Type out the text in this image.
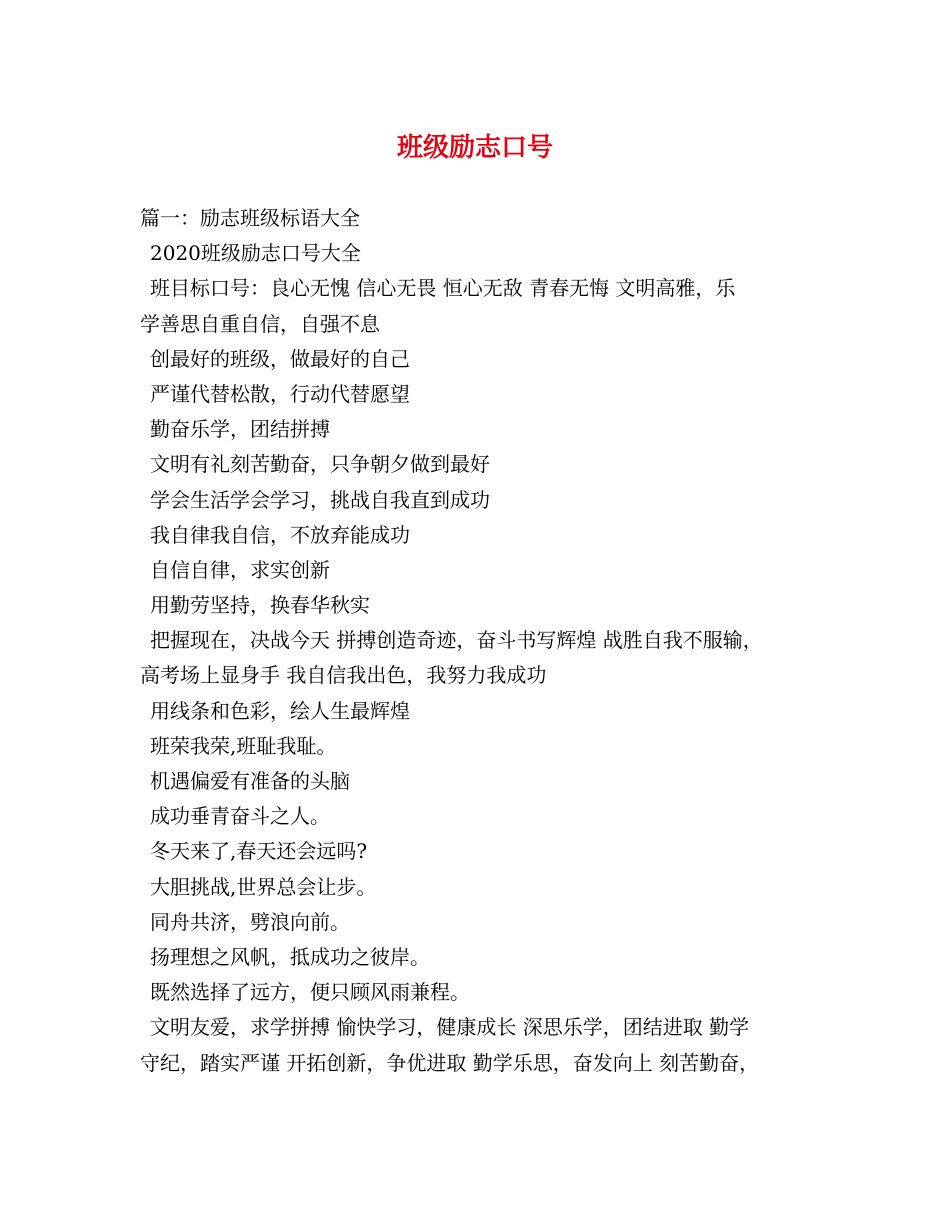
班级励志口号
篇一：励志班级标语大全
2020班级励志口号大全
班目标口号：良心无愧 信心无畏 恒心无敌 青春无悔 文明高雅，乐
学善思自重自信，自强不息
创最好的班级，做最好的自己
严谨代替松散，行动代替愿望
勤奋乐学，团结拼搏
文明有礼刻苦勤奋，只争朝夕做到最好
学会生活学会学习，挑战自我直到成功
我自律我自信，不放弃能成功
自信自律，求实创新
用勤劳坚持，换春华秋实
把握现在，决战今天 拼搏创造奇迹，奋斗书写辉煌 战胜自我不服输，
高考场上显身手 我自信我出色，我努力我成功
用线条和色彩，绘人生最辉煌
班荣我荣,班耻我耻。
机遇偏爱有准备的头脑
成功垂青奋斗之人。
冬天来了,春天还会远吗?
大胆挑战,世界总会让步。
同舟共济，劈浪向前。
扬理想之风帆，抵成功之彼岸。
既然选择了远方，便只顾风雨兼程。
文明友爱，求学拼搏 愉快学习，健康成长 深思乐学，团结进取 勤学
守纪，踏实严谨 开拓创新，争优进取 勤学乐思，奋发向上 刻苦勤奋，
